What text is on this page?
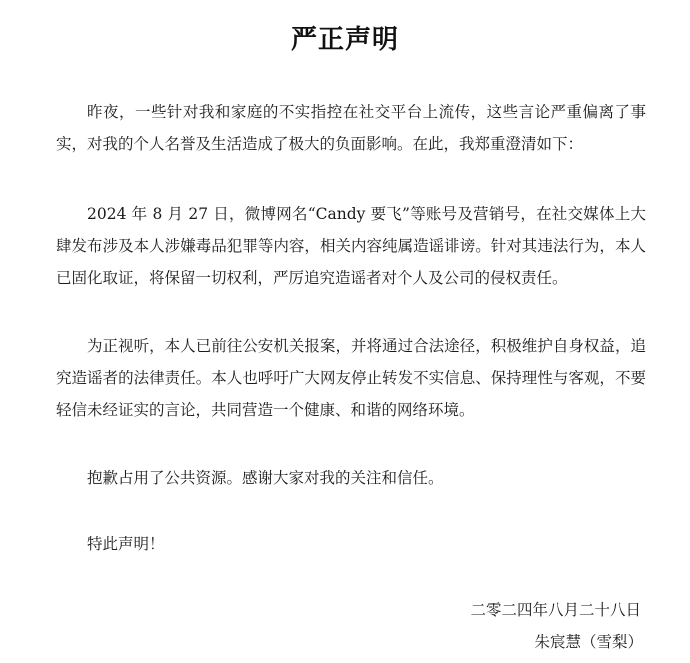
严正声明
昨夜，一些针对我和家庭的不实指控在社交平台上流传，这些言论严重偏离了事实，对我的个人名誉及生活造成了极大的负面影响。在此，我郑重澄清如下：
2024 年 8 月 27 日，微博网名“Candy 要飞”等账号及营销号，在社交媒体上大肆发布涉及本人涉嫌毒品犯罪等内容，相关内容纯属造谣诽谤。针对其违法行为，本人已固化取证，将保留一切权利，严厉追究造谣者对个人及公司的侵权责任。
为正视听，本人已前往公安机关报案，并将通过合法途径，积极维护自身权益，追究造谣者的法律责任。本人也呼吁广大网友停止转发不实信息、保持理性与客观，不要轻信未经证实的言论，共同营造一个健康、和谐的网络环境。
抱歉占用了公共资源。感谢大家对我的关注和信任。
特此声明！
二零二四年八月二十八日
朱宸慧（雪梨）
